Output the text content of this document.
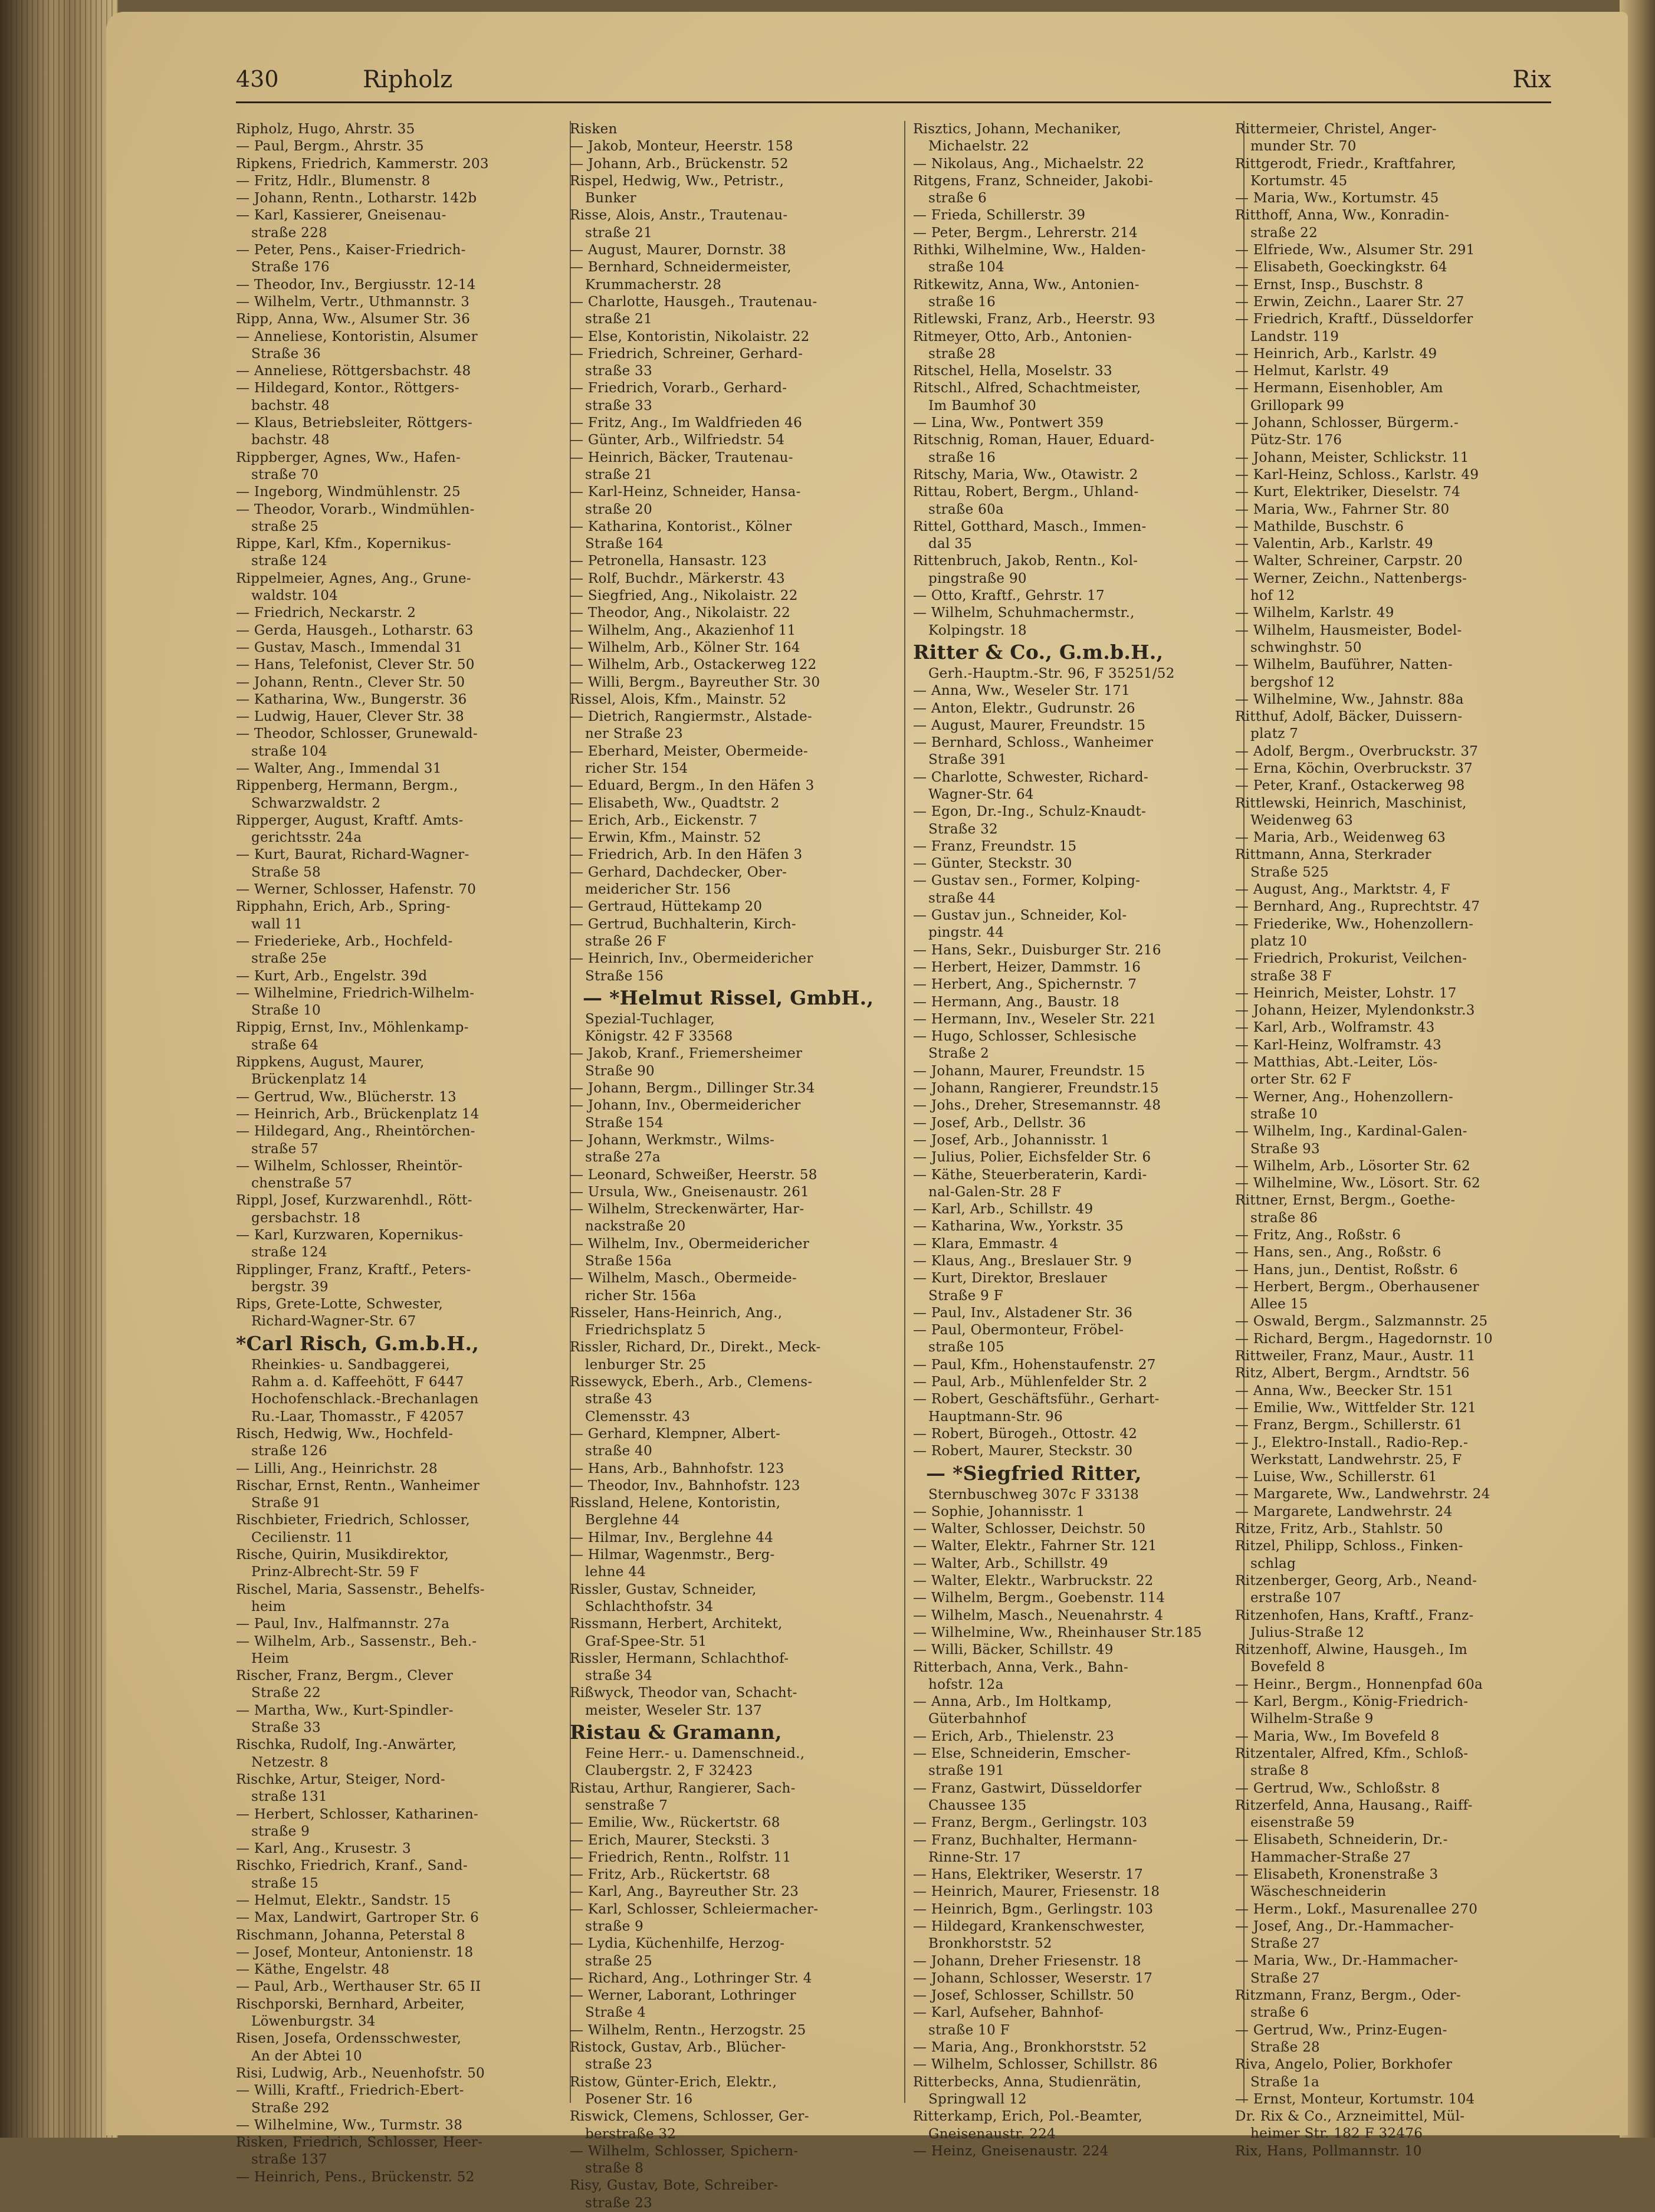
430	Ripholz	Rix
Ripholz, Hugo, Ahrstr. 35
— Paul, Bergm., Ahrstr. 35
Ripkens, Friedrich, Kammerstr. 203
— Fritz, Hdlr., Blumenstr. 8
— Johann, Rentn., Lotharstr. 142b
— Karl, Kassierer, Gneisenau-
straße 228
— Peter, Pens., Kaiser-Friedrich-
Straße 176
— Theodor, Inv., Bergiusstr. 12-14
— Wilhelm, Vertr., Uthmannstr. 3
Ripp, Anna, Ww., Alsumer Str. 36
— Anneliese, Kontoristin, Alsumer
Straße 36
— Anneliese, Röttgersbachstr. 48
— Hildegard, Kontor., Röttgers-
bachstr. 48
— Klaus, Betriebsleiter, Röttgers-
bachstr. 48
Rippberger, Agnes, Ww., Hafen-
straße 70
— Ingeborg, Windmühlenstr. 25
— Theodor, Vorarb., Windmühlen-
straße 25
Rippe, Karl, Kfm., Kopernikus-
straße 124
Rippelmeier, Agnes, Ang., Grune-
waldstr. 104
— Friedrich, Neckarstr. 2
— Gerda, Hausgeh., Lotharstr. 63
— Gustav, Masch., Immendal 31
— Hans, Telefonist, Clever Str. 50
— Johann, Rentn., Clever Str. 50
— Katharina, Ww., Bungerstr. 36
— Ludwig, Hauer, Clever Str. 38
— Theodor, Schlosser, Grunewald-
straße 104
— Walter, Ang., Immendal 31
Rippenberg, Hermann, Bergm.,
Schwarzwaldstr. 2
Ripperger, August, Kraftf. Amts-
gerichtsstr. 24a
— Kurt, Baurat, Richard-Wagner-
Straße 58
— Werner, Schlosser, Hafenstr. 70
Ripphahn, Erich, Arb., Spring-
wall 11
— Friederieke, Arb., Hochfeld-
straße 25e
— Kurt, Arb., Engelstr. 39d
— Wilhelmine, Friedrich-Wilhelm-
Straße 10
Rippig, Ernst, Inv., Möhlenkamp-
straße 64
Rippkens, August, Maurer,
Brückenplatz 14
— Gertrud, Ww., Blücherstr. 13
— Heinrich, Arb., Brückenplatz 14
— Hildegard, Ang., Rheintörchen-
straße 57
— Wilhelm, Schlosser, Rheintör-
chenstraße 57
Rippl, Josef, Kurzwarenhdl., Rött-
gersbachstr. 18
— Karl, Kurzwaren, Kopernikus-
straße 124
Ripplinger, Franz, Kraftf., Peters-
bergstr. 39
Rips, Grete-Lotte, Schwester,
Richard-Wagner-Str. 67
*Carl Risch, G.m.b.H.,
Rheinkies- u. Sandbaggerei,
Rahm a. d. Kaffeehött, F 6447
Hochofenschlack.-Brechanlagen
Ru.-Laar, Thomasstr., F 42057
Risch, Hedwig, Ww., Hochfeld-
straße 126
— Lilli, Ang., Heinrichstr. 28
Rischar, Ernst, Rentn., Wanheimer
Straße 91
Rischbieter, Friedrich, Schlosser,
Cecilienstr. 11
Rische, Quirin, Musikdirektor,
Prinz-Albrecht-Str. 59 F
Rischel, Maria, Sassenstr., Behelfs-
heim
— Paul, Inv., Halfmannstr. 27a
— Wilhelm, Arb., Sassenstr., Beh.-
Heim
Rischer, Franz, Bergm., Clever
Straße 22
— Martha, Ww., Kurt-Spindler-
Straße 33
Rischka, Rudolf, Ing.-Anwärter,
Netzestr. 8
Rischke, Artur, Steiger, Nord-
straße 131
— Herbert, Schlosser, Katharinen-
straße 9
— Karl, Ang., Krusestr. 3
Rischko, Friedrich, Kranf., Sand-
straße 15
— Helmut, Elektr., Sandstr. 15
— Max, Landwirt, Gartroper Str. 6
Rischmann, Johanna, Peterstal 8
— Josef, Monteur, Antonienstr. 18
— Käthe, Engelstr. 48
— Paul, Arb., Werthauser Str. 65 II
Rischporski, Bernhard, Arbeiter,
Löwenburgstr. 34
Risen, Josefa, Ordensschwester,
An der Abtei 10
Risi, Ludwig, Arb., Neuenhofstr. 50
— Willi, Kraftf., Friedrich-Ebert-
Straße 292
— Wilhelmine, Ww., Turmstr. 38
Risken, Friedrich, Schlosser, Heer-
straße 137
— Heinrich, Pens., Brückenstr. 52
Risken
— Jakob, Monteur, Heerstr. 158
— Johann, Arb., Brückenstr. 52
Rispel, Hedwig, Ww., Petristr.,
Bunker
Risse, Alois, Anstr., Trautenau-
straße 21
— August, Maurer, Dornstr. 38
— Bernhard, Schneidermeister,
Krummacherstr. 28
— Charlotte, Hausgeh., Trautenau-
straße 21
— Else, Kontoristin, Nikolaistr. 22
— Friedrich, Schreiner, Gerhard-
straße 33
— Friedrich, Vorarb., Gerhard-
straße 33
— Fritz, Ang., Im Waldfrieden 46
— Günter, Arb., Wilfriedstr. 54
— Heinrich, Bäcker, Trautenau-
straße 21
— Karl-Heinz, Schneider, Hansa-
straße 20
— Katharina, Kontorist., Kölner
Straße 164
— Petronella, Hansastr. 123
— Rolf, Buchdr., Märkerstr. 43
— Siegfried, Ang., Nikolaistr. 22
— Theodor, Ang., Nikolaistr. 22
— Wilhelm, Ang., Akazienhof 11
— Wilhelm, Arb., Kölner Str. 164
— Wilhelm, Arb., Ostackerweg 122
— Willi, Bergm., Bayreuther Str. 30
Rissel, Alois, Kfm., Mainstr. 52
— Dietrich, Rangiermstr., Alstade-
ner Straße 23
— Eberhard, Meister, Obermeide-
richer Str. 154
— Eduard, Bergm., In den Häfen 3
— Elisabeth, Ww., Quadtstr. 2
— Erich, Arb., Eickenstr. 7
— Erwin, Kfm., Mainstr. 52
— Friedrich, Arb. In den Häfen 3
— Gerhard, Dachdecker, Ober-
meidericher Str. 156
— Gertraud, Hüttekamp 20
— Gertrud, Buchhalterin, Kirch-
straße 26 F
— Heinrich, Inv., Obermeidericher
Straße 156
— *Helmut Rissel, GmbH.,
Spezial-Tuchlager,
Königstr. 42 F 33568
— Jakob, Kranf., Friemersheimer
Straße 90
— Johann, Bergm., Dillinger Str.34
— Johann, Inv., Obermeidericher
Straße 154
— Johann, Werkmstr., Wilms-
straße 27a
— Leonard, Schweißer, Heerstr. 58
— Ursula, Ww., Gneisenaustr. 261
— Wilhelm, Streckenwärter, Har-
nackstraße 20
— Wilhelm, Inv., Obermeidericher
Straße 156a
— Wilhelm, Masch., Obermeide-
richer Str. 156a
Risseler, Hans-Heinrich, Ang.,
Friedrichsplatz 5
Rissler, Richard, Dr., Direkt., Meck-
lenburger Str. 25
Rissewyck, Eberh., Arb., Clemens-
straße 43
Clemensstr. 43
— Gerhard, Klempner, Albert-
straße 40
— Hans, Arb., Bahnhofstr. 123
— Theodor, Inv., Bahnhofstr. 123
Rissland, Helene, Kontoristin,
Berglehne 44
— Hilmar, Inv., Berglehne 44
— Hilmar, Wagenmstr., Berg-
lehne 44
Rissler, Gustav, Schneider,
Schlachthofstr. 34
Rissmann, Herbert, Architekt,
Graf-Spee-Str. 51
Rissler, Hermann, Schlachthof-
straße 34
Rißwyck, Theodor van, Schacht-
meister, Weseler Str. 137
Ristau & Gramann,
Feine Herr.- u. Damenschneid.,
Claubergstr. 2, F 32423
Ristau, Arthur, Rangierer, Sach-
senstraße 7
— Emilie, Ww., Rückertstr. 68
— Erich, Maurer, Stecksti. 3
— Friedrich, Rentn., Rolfstr. 11
— Fritz, Arb., Rückertstr. 68
— Karl, Ang., Bayreuther Str. 23
— Karl, Schlosser, Schleiermacher-
straße 9
— Lydia, Küchenhilfe, Herzog-
straße 25
— Richard, Ang., Lothringer Str. 4
— Werner, Laborant, Lothringer
Straße 4
— Wilhelm, Rentn., Herzogstr. 25
Ristock, Gustav, Arb., Blücher-
straße 23
Ristow, Günter-Erich, Elektr.,
Posener Str. 16
Riswick, Clemens, Schlosser, Ger-
berstraße 32
— Wilhelm, Schlosser, Spichern-
straße 8
Risy, Gustav, Bote, Schreiber-
straße 23
Risztics, Johann, Mechaniker,
Michaelstr. 22
— Nikolaus, Ang., Michaelstr. 22
Ritgens, Franz, Schneider, Jakobi-
straße 6
— Frieda, Schillerstr. 39
— Peter, Bergm., Lehrerstr. 214
Rithki, Wilhelmine, Ww., Halden-
straße 104
Ritkewitz, Anna, Ww., Antonien-
straße 16
Ritlewski, Franz, Arb., Heerstr. 93
Ritmeyer, Otto, Arb., Antonien-
straße 28
Ritschel, Hella, Moselstr. 33
Ritschl., Alfred, Schachtmeister,
Im Baumhof 30
— Lina, Ww., Pontwert 359
Ritschnig, Roman, Hauer, Eduard-
straße 16
Ritschy, Maria, Ww., Otawistr. 2
Rittau, Robert, Bergm., Uhland-
straße 60a
Rittel, Gotthard, Masch., Immen-
dal 35
Rittenbruch, Jakob, Rentn., Kol-
pingstraße 90
— Otto, Kraftf., Gehrstr. 17
— Wilhelm, Schuhmachermstr.,
Kolpingstr. 18
Ritter & Co., G.m.b.H.,
Gerh.-Hauptm.-Str. 96, F 35251/52
— Anna, Ww., Weseler Str. 171
— Anton, Elektr., Gudrunstr. 26
— August, Maurer, Freundstr. 15
— Bernhard, Schloss., Wanheimer
Straße 391
— Charlotte, Schwester, Richard-
Wagner-Str. 64
— Egon, Dr.-Ing., Schulz-Knaudt-
Straße 32
— Franz, Freundstr. 15
— Günter, Steckstr. 30
— Gustav sen., Former, Kolping-
straße 44
— Gustav jun., Schneider, Kol-
pingstr. 44
— Hans, Sekr., Duisburger Str. 216
— Herbert, Heizer, Dammstr. 16
— Herbert, Ang., Spichernstr. 7
— Hermann, Ang., Baustr. 18
— Hermann, Inv., Weseler Str. 221
— Hugo, Schlosser, Schlesische
Straße 2
— Johann, Maurer, Freundstr. 15
— Johann, Rangierer, Freundstr.15
— Johs., Dreher, Stresemannstr. 48
— Josef, Arb., Dellstr. 36
— Josef, Arb., Johannisstr. 1
— Julius, Polier, Eichsfelder Str. 6
— Käthe, Steuerberaterin, Kardi-
nal-Galen-Str. 28 F
— Karl, Arb., Schillstr. 49
— Katharina, Ww., Yorkstr. 35
— Klara, Emmastr. 4
— Klaus, Ang., Breslauer Str. 9
— Kurt, Direktor, Breslauer
Straße 9 F
— Paul, Inv., Alstadener Str. 36
— Paul, Obermonteur, Fröbel-
straße 105
— Paul, Kfm., Hohenstaufenstr. 27
— Paul, Arb., Mühlenfelder Str. 2
— Robert, Geschäftsführ., Gerhart-
Hauptmann-Str. 96
— Robert, Bürogeh., Ottostr. 42
— Robert, Maurer, Steckstr. 30
— *Siegfried Ritter,
Sternbuschweg 307c F 33138
— Sophie, Johannisstr. 1
— Walter, Schlosser, Deichstr. 50
— Walter, Elektr., Fahrner Str. 121
— Walter, Arb., Schillstr. 49
— Walter, Elektr., Warbruckstr. 22
— Wilhelm, Bergm., Goebenstr. 114
— Wilhelm, Masch., Neuenahrstr. 4
— Wilhelmine, Ww., Rheinhauser Str.185
— Willi, Bäcker, Schillstr. 49
Ritterbach, Anna, Verk., Bahn-
hofstr. 12a
— Anna, Arb., Im Holtkamp,
Güterbahnhof
— Erich, Arb., Thielenstr. 23
— Else, Schneiderin, Emscher-
straße 191
— Franz, Gastwirt, Düsseldorfer
Chaussee 135
— Franz, Bergm., Gerlingstr. 103
— Franz, Buchhalter, Hermann-
Rinne-Str. 17
— Hans, Elektriker, Weserstr. 17
— Heinrich, Maurer, Friesenstr. 18
— Heinrich, Bgm., Gerlingstr. 103
— Hildegard, Krankenschwester,
Bronkhorststr. 52
— Johann, Dreher Friesenstr. 18
— Johann, Schlosser, Weserstr. 17
— Josef, Schlosser, Schillstr. 50
— Karl, Aufseher, Bahnhof-
straße 10 F
— Maria, Ang., Bronkhorststr. 52
— Wilhelm, Schlosser, Schillstr. 86
Ritterbecks, Anna, Studienrätin,
Springwall 12
Ritterkamp, Erich, Pol.-Beamter,
Gneisenaustr. 224
— Heinz, Gneisenaustr. 224
Rittermeier, Christel, Anger-
munder Str. 70
Rittgerodt, Friedr., Kraftfahrer,
Kortumstr. 45
— Maria, Ww., Kortumstr. 45
Ritthoff, Anna, Ww., Konradin-
straße 22
— Elfriede, Ww., Alsumer Str. 291
— Elisabeth, Goeckingkstr. 64
— Ernst, Insp., Buschstr. 8
— Erwin, Zeichn., Laarer Str. 27
— Friedrich, Kraftf., Düsseldorfer
Landstr. 119
— Heinrich, Arb., Karlstr. 49
— Helmut, Karlstr. 49
— Hermann, Eisenhobler, Am
Grillopark 99
— Johann, Schlosser, Bürgerm.-
Pütz-Str. 176
— Johann, Meister, Schlickstr. 11
— Karl-Heinz, Schloss., Karlstr. 49
— Kurt, Elektriker, Dieselstr. 74
— Maria, Ww., Fahrner Str. 80
— Mathilde, Buschstr. 6
— Valentin, Arb., Karlstr. 49
— Walter, Schreiner, Carpstr. 20
— Werner, Zeichn., Nattenbergs-
hof 12
— Wilhelm, Karlstr. 49
— Wilhelm, Hausmeister, Bodel-
schwinghstr. 50
— Wilhelm, Bauführer, Natten-
bergshof 12
— Wilhelmine, Ww., Jahnstr. 88a
Ritthuf, Adolf, Bäcker, Duissern-
platz 7
— Adolf, Bergm., Overbruckstr. 37
— Erna, Köchin, Overbruckstr. 37
— Peter, Kranf., Ostackerweg 98
Rittlewski, Heinrich, Maschinist,
Weidenweg 63
— Maria, Arb., Weidenweg 63
Rittmann, Anna, Sterkrader
Straße 525
— August, Ang., Marktstr. 4, F
— Bernhard, Ang., Ruprechtstr. 47
— Friederike, Ww., Hohenzollern-
platz 10
— Friedrich, Prokurist, Veilchen-
straße 38 F
— Heinrich, Meister, Lohstr. 17
— Johann, Heizer, Mylendonkstr.3
— Karl, Arb., Wolframstr. 43
— Karl-Heinz, Wolframstr. 43
— Matthias, Abt.-Leiter, Lös-
orter Str. 62 F
— Werner, Ang., Hohenzollern-
straße 10
— Wilhelm, Ing., Kardinal-Galen-
Straße 93
— Wilhelm, Arb., Lösorter Str. 62
— Wilhelmine, Ww., Lösort. Str. 62
Rittner, Ernst, Bergm., Goethe-
straße 86
— Fritz, Ang., Roßstr. 6
— Hans, sen., Ang., Roßstr. 6
— Hans, jun., Dentist, Roßstr. 6
— Herbert, Bergm., Oberhausener
Allee 15
— Oswald, Bergm., Salzmannstr. 25
— Richard, Bergm., Hagedornstr. 10
Rittweiler, Franz, Maur., Austr. 11
Ritz, Albert, Bergm., Arndtstr. 56
— Anna, Ww., Beecker Str. 151
— Emilie, Ww., Wittfelder Str. 121
— Franz, Bergm., Schillerstr. 61
— J., Elektro-Install., Radio-Rep.-
Werkstatt, Landwehrstr. 25, F
— Luise, Ww., Schillerstr. 61
— Margarete, Ww., Landwehrstr. 24
— Margarete, Landwehrstr. 24
Ritze, Fritz, Arb., Stahlstr. 50
Ritzel, Philipp, Schloss., Finken-
schlag
Ritzenberger, Georg, Arb., Neand-
erstraße 107
Ritzenhofen, Hans, Kraftf., Franz-
Julius-Straße 12
Ritzenhoff, Alwine, Hausgeh., Im
Bovefeld 8
— Heinr., Bergm., Honnenpfad 60a
— Karl, Bergm., König-Friedrich-
Wilhelm-Straße 9
— Maria, Ww., Im Bovefeld 8
Ritzentaler, Alfred, Kfm., Schloß-
straße 8
— Gertrud, Ww., Schloßstr. 8
Ritzerfeld, Anna, Hausang., Raiff-
eisenstraße 59
— Elisabeth, Schneiderin, Dr.-
Hammacher-Straße 27
— Elisabeth, Kronenstraße 3
Wäscheschneiderin
— Herm., Lokf., Masurenallee 270
— Josef, Ang., Dr.-Hammacher-
Straße 27
— Maria, Ww., Dr.-Hammacher-
Straße 27
Ritzmann, Franz, Bergm., Oder-
straße 6
— Gertrud, Ww., Prinz-Eugen-
Straße 28
Riva, Angelo, Polier, Borkhofer
Straße 1a
— Ernst, Monteur, Kortumstr. 104
Dr. Rix & Co., Arzneimittel, Mül-
heimer Str. 182 F 32476
Rix, Hans, Pollmannstr. 10
